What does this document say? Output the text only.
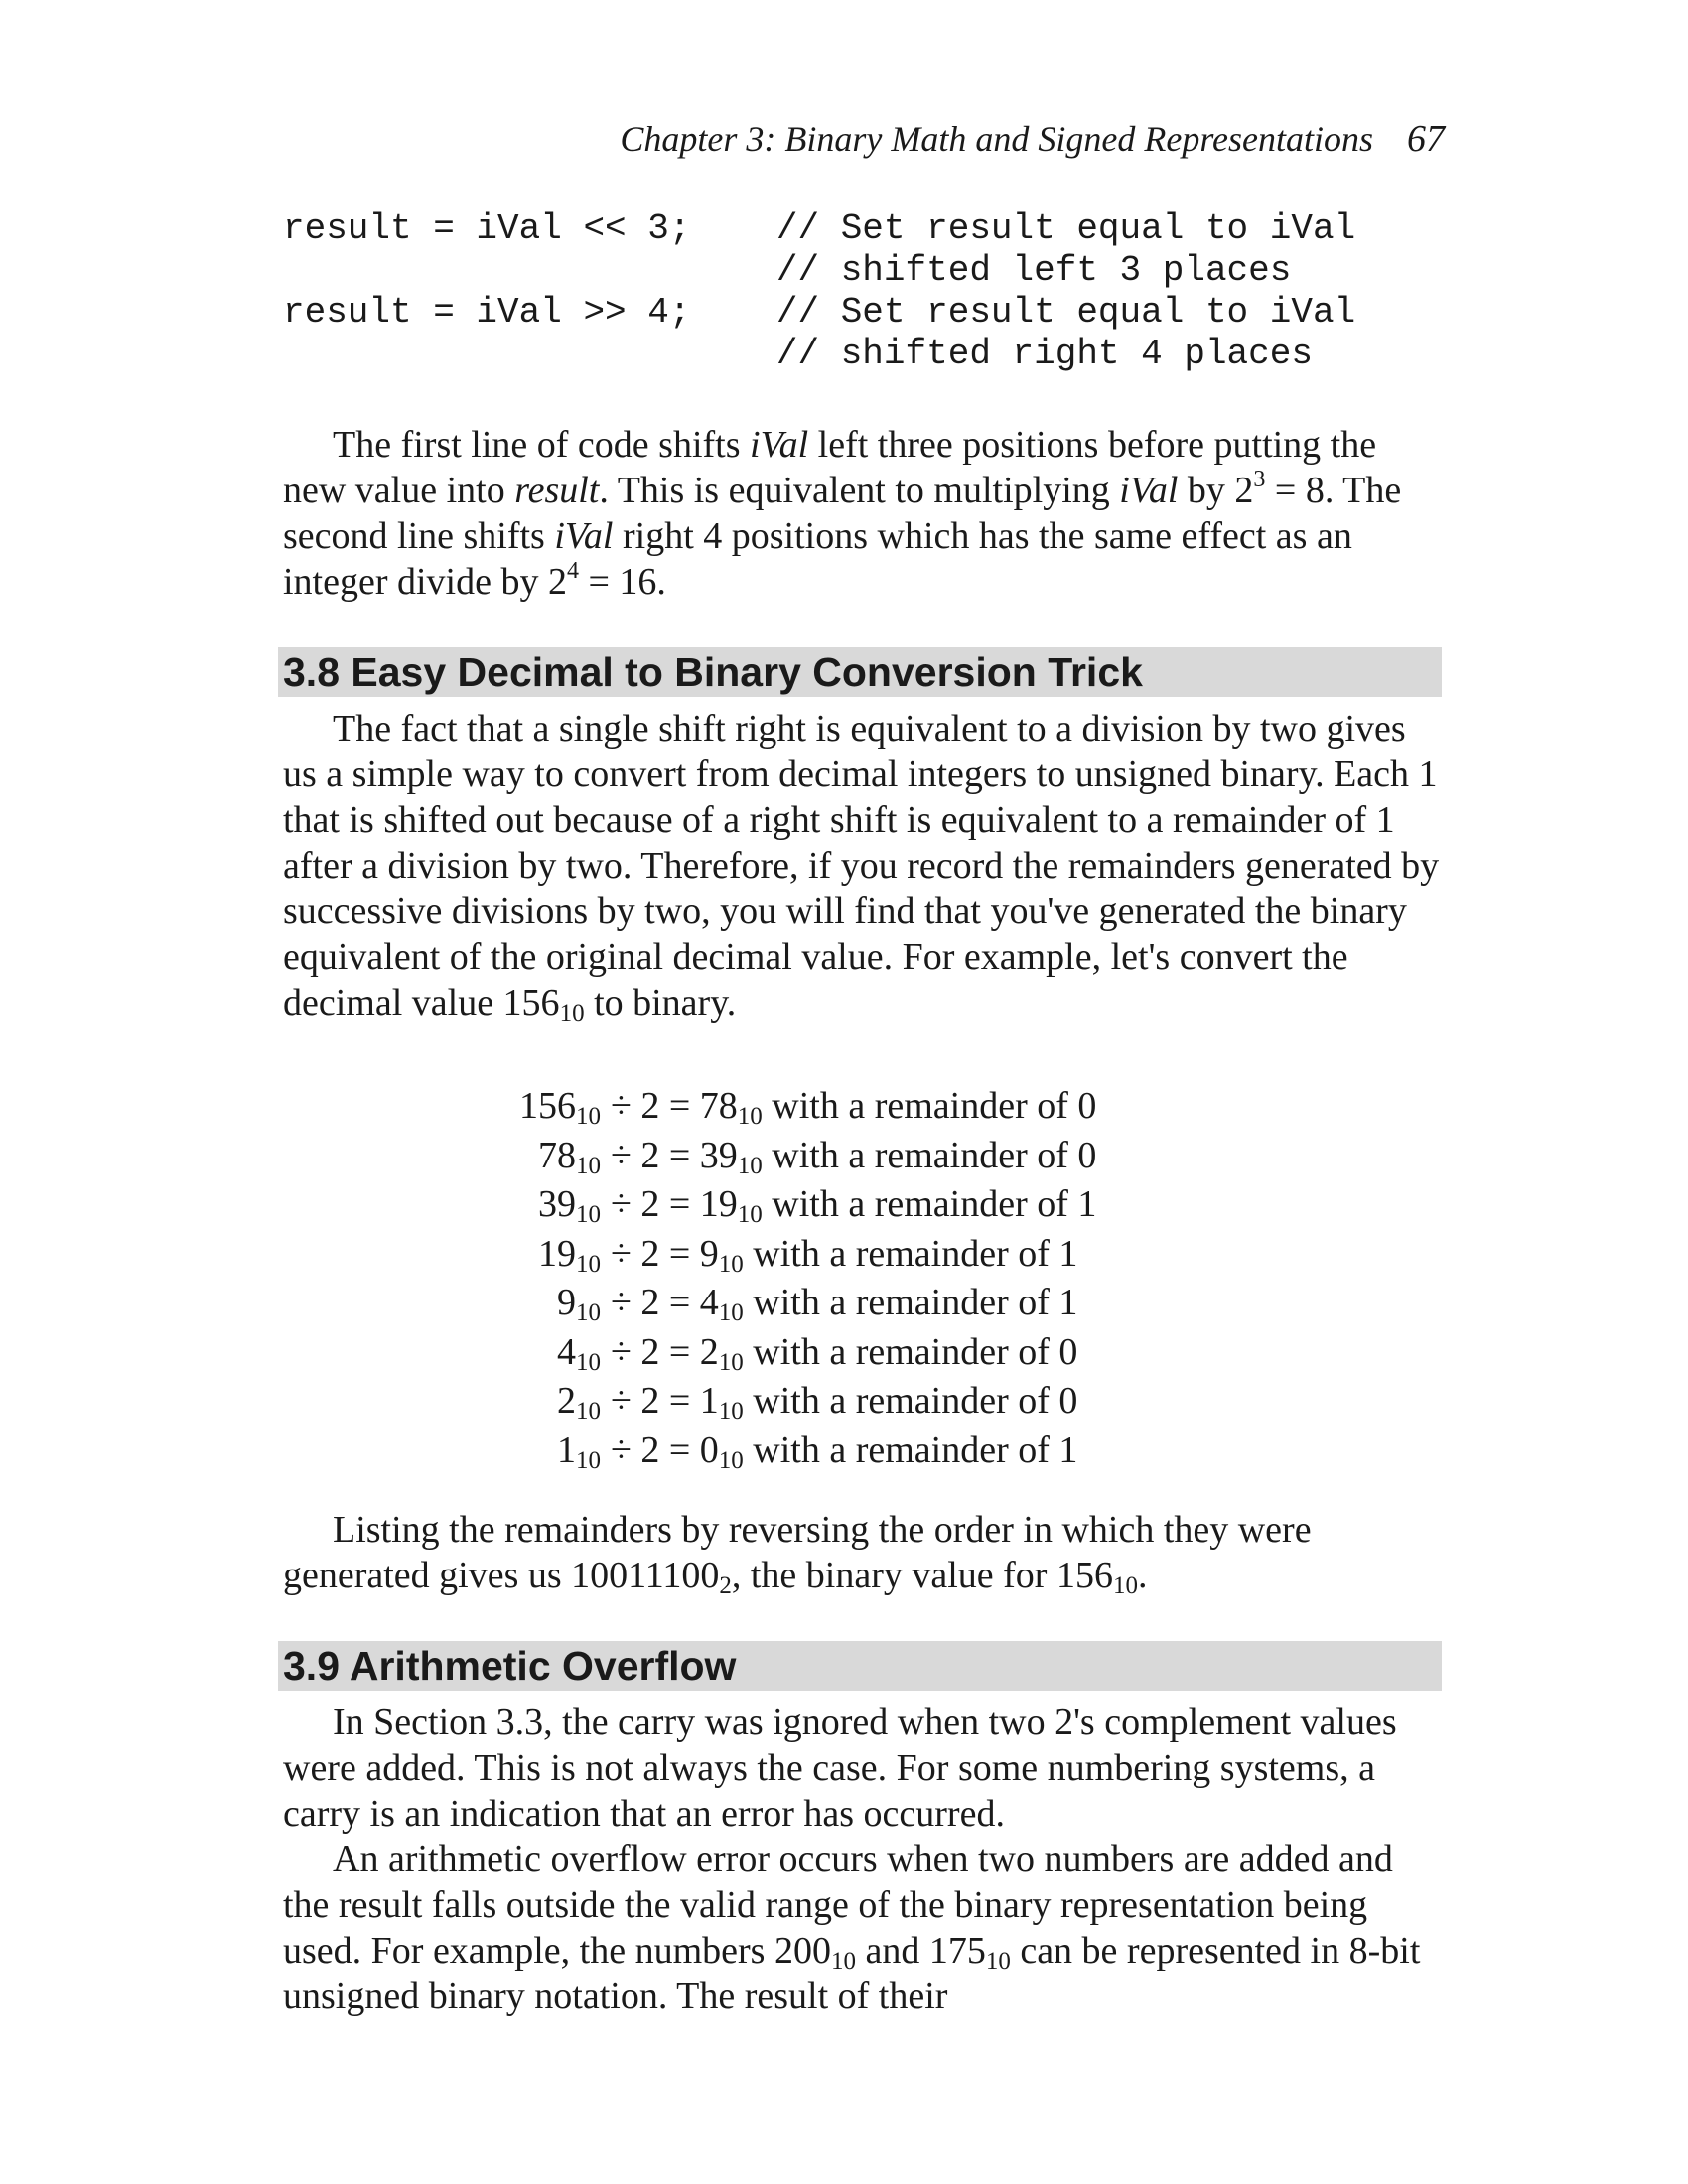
Chapter 3: Binary Math and Signed Representations 67
result = iVal << 3;    // Set result equal to iVal
// shifted left 3 places
result = iVal >> 4;    // Set result equal to iVal
// shifted right 4 places

The first line of code shifts iVal left three positions before putting the new value into result. This is equivalent to multiplying iVal by $2^3 = 8$. The second line shifts iVal right 4 positions which has the same effect as an integer divide by $2^4 = 16$.

3.8 Easy Decimal to Binary Conversion Trick

The fact that a single shift right is equivalent to a division by two gives us a simple way to convert from decimal integers to unsigned binary. Each 1 that is shifted out because of a right shift is equivalent to a remainder of 1 after a division by two. Therefore, if you record the remainders generated by successive divisions by two, you will find that you've generated the binary equivalent of the original decimal value. For example, let's convert the decimal value $156_{10}$ to binary.

$156_{10} \div 2 = 78_{10}$ with a remainder of 0
$78_{10} \div 2 = 39_{10}$ with a remainder of 0
$39_{10} \div 2 = 19_{10}$ with a remainder of 1
$19_{10} \div 2 = 9_{10}$ with a remainder of 1
$9_{10} \div 2 = 4_{10}$ with a remainder of 1
$4_{10} \div 2 = 2_{10}$ with a remainder of 0
$2_{10} \div 2 = 1_{10}$ with a remainder of 0
$1_{10} \div 2 = 0_{10}$ with a remainder of 1

Listing the remainders by reversing the order in which they were generated gives us $10011100_2$, the binary value for $156_{10}$.

3.9 Arithmetic Overflow

In Section 3.3, the carry was ignored when two 2's complement values were added. This is not always the case. For some numbering systems, a carry is an indication that an error has occurred.

An arithmetic overflow error occurs when two numbers are added and the result falls outside the valid range of the binary representation being used. For example, the numbers $200_{10}$ and $175_{10}$ can be represented in 8-bit unsigned binary notation. The result of their
